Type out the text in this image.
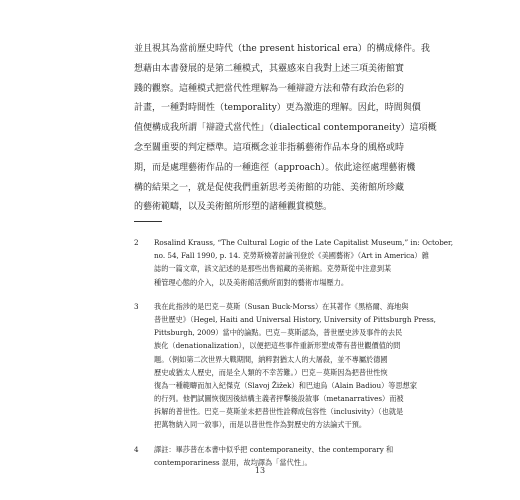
並且視其為當前歷史時代（the present historical era）的構成條件。我
想藉由本書發展的是第二種模式，其靈感來自我對上述三項美術館實
踐的觀察。這種模式把當代性理解為一種辯證方法和帶有政治色彩的
計畫，一種對時間性（temporality）更為激進的理解。因此，時間與價
值便構成我所謂「辯證式當代性」（dialectical contemporaneity）這項概
念至關重要的判定標準。這項概念並非指稱藝術作品本身的風格或時
期，而是處理藝術作品的一種進徑（approach）。依此途徑處理藝術機
構的結果之一，就是促使我們重新思考美術館的功能、美術館所珍藏
的藝術範疇，以及美術館所形塑的諸種觀賞模態。
2	Rosalind Krauss, “The Cultural Logic of the Late Capitalist Museum,” in: October,
no. 54, Fall 1990, p. 14. 克勞斯檢著討論刊登於《美國藝術》（Art in America）雜
誌的一篇文章，該文記述的是那些出售館藏的美術館。克勞斯從中注意到某
種管理心態的介入，以及美術館活動所面對的藝術市場壓力。
3	我在此指涉的是巴克－莫斯（Susan Buck-Morss）在其著作《黑格爾、海地與
普世歷史》（Hegel, Haiti and Universal History, University of Pittsburgh Press,
Pittsburgh, 2009）當中的論點。巴克－莫斯認為，普世歷史涉及事件的去民
族化（denationalization），以便把這些事件重新形塑成帶有普世觀價值的問
題。（例如第二次世界大戰期間，納粹對猶太人的大屠殺，並不專屬於德國
歷史或猶太人歷史，而是全人類的不幸苦難。）巴克－莫斯因為把普世性恢
復為一種範疇而加入紀傑克（Slavoj Žižek）和巴迪烏（Alain Badiou）等思想家
的行列。他們試圖恢復因後結構主義者抨擊後設敘事（metanarratives）而被
拆解的普世性。巴克－莫斯並未把普世性詮釋成包容性（inclusivity）（也就是
把萬物納入同一敘事），而是以普世性作為對歷史的方法論式干預。
4	譯註：畢莎普在本書中似乎把 contemporaneity、the contemporary 和
contemporariness 混用，故均譯為「當代性」。
13
